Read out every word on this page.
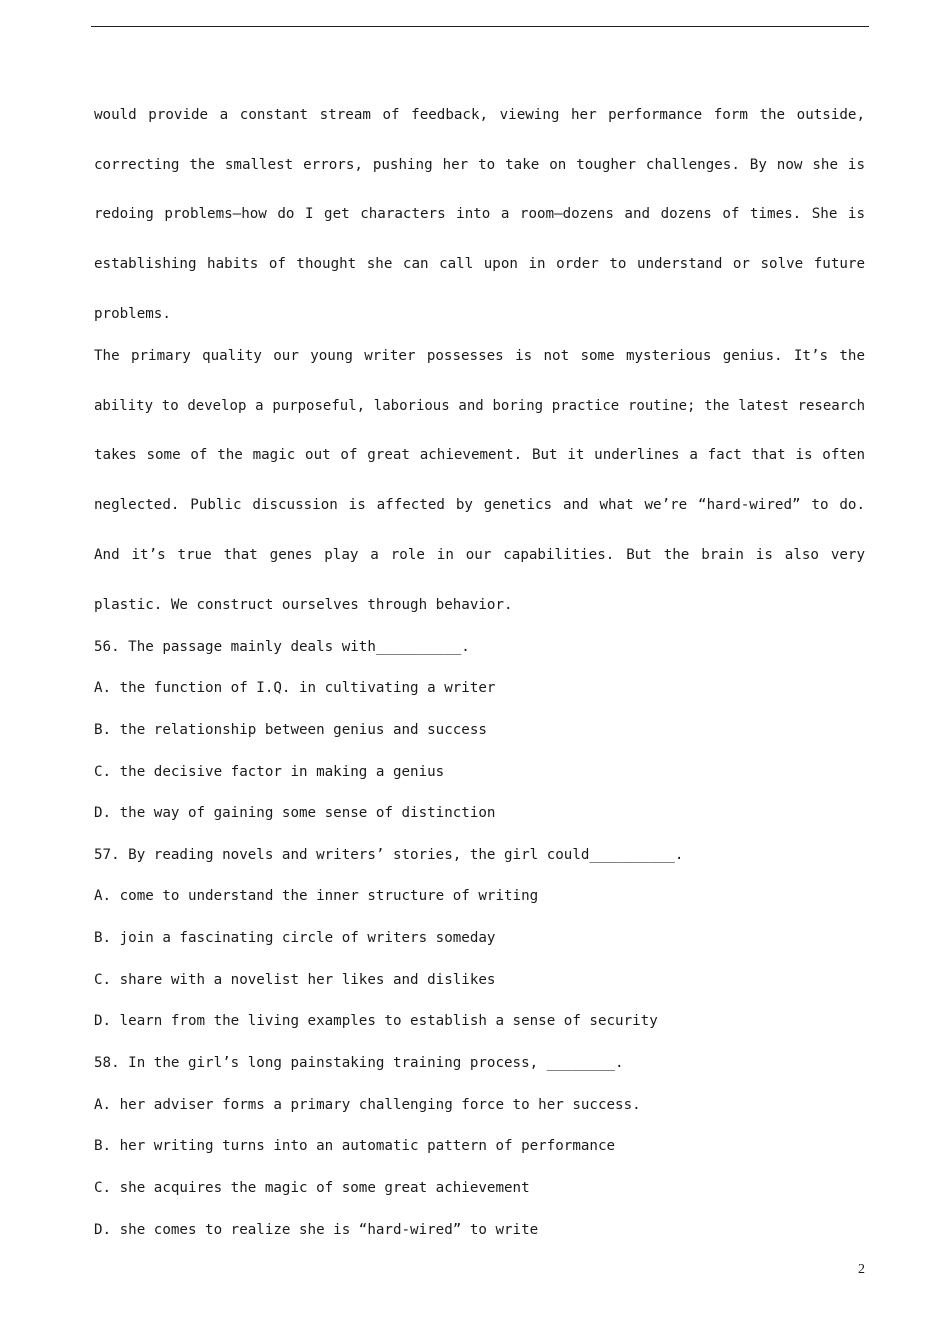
would provide a constant stream of feedback, viewing her performance form the outside,
correcting the smallest errors, pushing her to take on tougher challenges. By now she is
redoing problems—how do I get characters into a room—dozens and dozens of times. She is
establishing habits of thought she can call upon in order to understand or solve future
problems.
The primary quality our young writer possesses is not some mysterious genius. It’s the
ability to develop a purposeful, laborious and boring practice routine; the latest research
takes some of the magic out of great achievement. But it underlines a fact that is often
neglected. Public discussion is affected by genetics and what we’re “hard-wired” to do.
And it’s true that genes play a role in our capabilities. But the brain is also very
plastic. We construct ourselves through behavior.
56. The passage mainly deals with__________.
A. the function of I.Q. in cultivating a writer
B. the relationship between genius and success
C. the decisive factor in making a genius
D. the way of gaining some sense of distinction
57. By reading novels and writers’ stories, the girl could__________.
A. come to understand the inner structure of writing
B. join a fascinating circle of writers someday
C. share with a novelist her likes and dislikes
D. learn from the living examples to establish a sense of security
58. In the girl’s long painstaking training process, ________.
A. her adviser forms a primary challenging force to her success.
B. her writing turns into an automatic pattern of performance
C. she acquires the magic of some great achievement
D. she comes to realize she is “hard-wired” to write
2
